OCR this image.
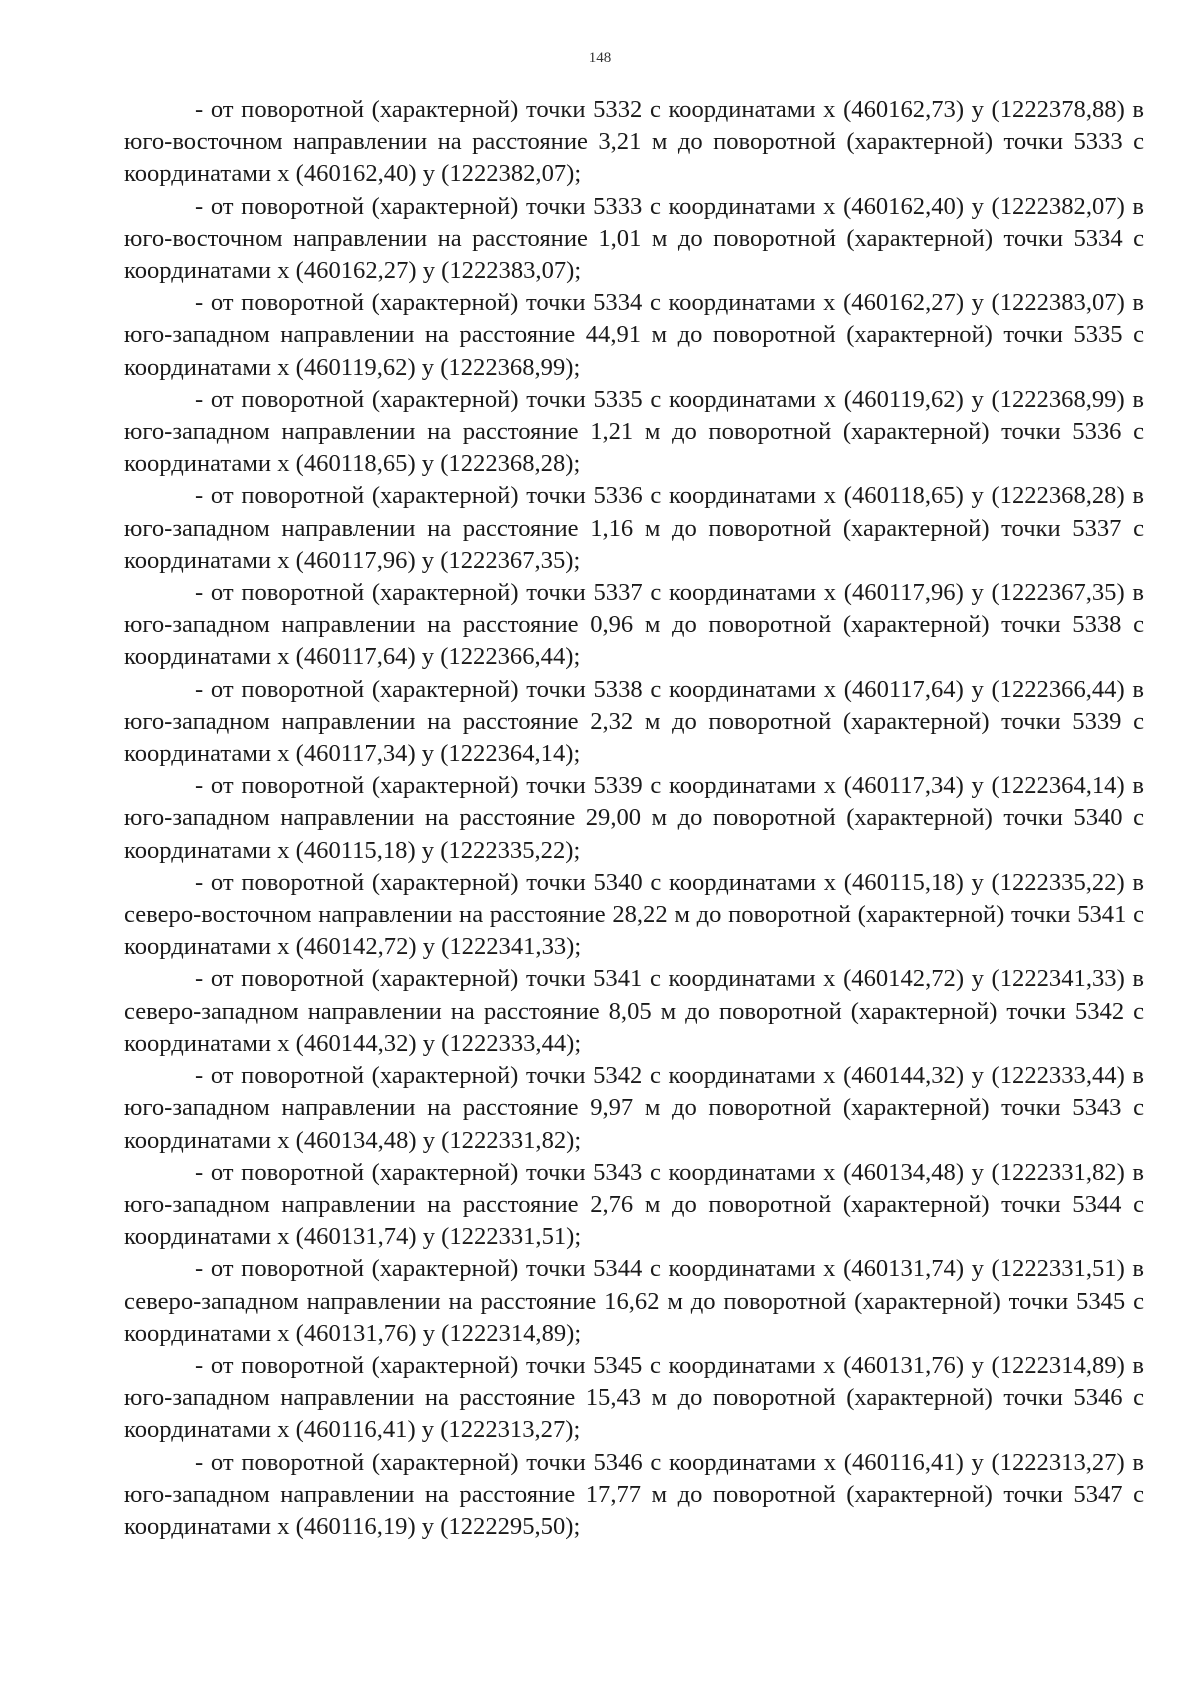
148

- от поворотной (характерной) точки 5332 с координатами x (460162,73) y (1222378,88) в юго-восточном направлении на расстояние 3,21 м до поворотной (характерной) точки 5333 с координатами x (460162,40) y (1222382,07);

- от поворотной (характерной) точки 5333 с координатами x (460162,40) y (1222382,07) в юго-восточном направлении на расстояние 1,01 м до поворотной (характерной) точки 5334 с координатами x (460162,27) y (1222383,07);

- от поворотной (характерной) точки 5334 с координатами x (460162,27) y (1222383,07) в юго-западном направлении на расстояние 44,91 м до поворотной (характерной) точки 5335 с координатами x (460119,62) y (1222368,99);

- от поворотной (характерной) точки 5335 с координатами x (460119,62) y (1222368,99) в юго-западном направлении на расстояние 1,21 м до поворотной (характерной) точки 5336 с координатами x (460118,65) y (1222368,28);

- от поворотной (характерной) точки 5336 с координатами x (460118,65) y (1222368,28) в юго-западном направлении на расстояние 1,16 м до поворотной (характерной) точки 5337 с координатами x (460117,96) y (1222367,35);

- от поворотной (характерной) точки 5337 с координатами x (460117,96) y (1222367,35) в юго-западном направлении на расстояние 0,96 м до поворотной (характерной) точки 5338 с координатами x (460117,64) y (1222366,44);

- от поворотной (характерной) точки 5338 с координатами x (460117,64) y (1222366,44) в юго-западном направлении на расстояние 2,32 м до поворотной (характерной) точки 5339 с координатами x (460117,34) y (1222364,14);

- от поворотной (характерной) точки 5339 с координатами x (460117,34) y (1222364,14) в юго-западном направлении на расстояние 29,00 м до поворотной (характерной) точки 5340 с координатами x (460115,18) y (1222335,22);

- от поворотной (характерной) точки 5340 с координатами x (460115,18) y (1222335,22) в северо-восточном направлении на расстояние 28,22 м до поворотной (характерной) точки 5341 с координатами x (460142,72) y (1222341,33);

- от поворотной (характерной) точки 5341 с координатами x (460142,72) y (1222341,33) в северо-западном направлении на расстояние 8,05 м до поворотной (характерной) точки 5342 с координатами x (460144,32) y (1222333,44);

- от поворотной (характерной) точки 5342 с координатами x (460144,32) y (1222333,44) в юго-западном направлении на расстояние 9,97 м до поворотной (характерной) точки 5343 с координатами x (460134,48) y (1222331,82);

- от поворотной (характерной) точки 5343 с координатами x (460134,48) y (1222331,82) в юго-западном направлении на расстояние 2,76 м до поворотной (характерной) точки 5344 с координатами x (460131,74) y (1222331,51);

- от поворотной (характерной) точки 5344 с координатами x (460131,74) y (1222331,51) в северо-западном направлении на расстояние 16,62 м до поворотной (характерной) точки 5345 с координатами x (460131,76) y (1222314,89);

- от поворотной (характерной) точки 5345 с координатами x (460131,76) y (1222314,89) в юго-западном направлении на расстояние 15,43 м до поворотной (характерной) точки 5346 с координатами x (460116,41) y (1222313,27);

- от поворотной (характерной) точки 5346 с координатами x (460116,41) y (1222313,27) в юго-западном направлении на расстояние 17,77 м до поворотной (характерной) точки 5347 с координатами x (460116,19) y (1222295,50);
